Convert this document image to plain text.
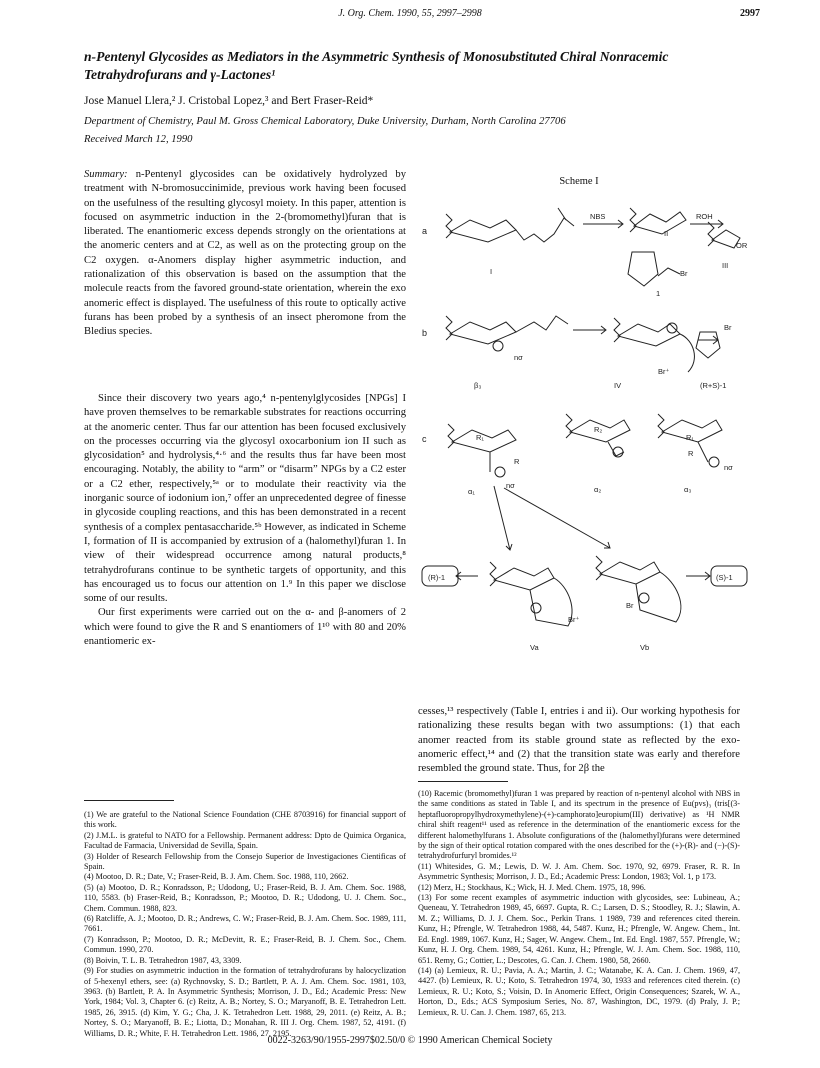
J. Org. Chem. 1990, 55, 2997–2998	2997
n-Pentenyl Glycosides as Mediators in the Asymmetric Synthesis of Monosubstituted Chiral Nonracemic Tetrahydrofurans and γ-Lactones¹
Jose Manuel Llera,² J. Cristobal Lopez,³ and Bert Fraser-Reid*
Department of Chemistry, Paul M. Gross Chemical Laboratory, Duke University, Durham, North Carolina 27706
Received March 12, 1990

Summary: n-Pentenyl glycosides can be oxidatively hydrolyzed by treatment with N-bromosuccinimide, previous work having been focused on the usefulness of the resulting glycosyl moiety. In this paper, attention is focused on asymmetric induction in the 2-(bromomethyl)furan that is liberated. The enantiomeric excess depends strongly on the orientations at the anomeric centers and at C2, as well as on the protecting group on the C2 oxygen. α-Anomers display higher asymmetric induction, and rationalization of this observation is based on the assumption that the molecule reacts from the favored ground-state orientation, wherein the exo anomeric effect is displayed. The usefulness of this route to optically active furans has been probed by a synthesis of an insect pheromone from the Bledius species.

Since their discovery two years ago,⁴ n-pentenylglycosides [NPGs] I have proven themselves to be remarkable substrates for reactions occurring at the anomeric center. Thus far our attention has been focused exclusively on the processes occurring via the glycosyl oxocarbonium ion II such as glycosidation⁵ and hydrolysis,⁴·⁶ and the results thus far have been most encouraging. Notably, the ability to “arm” or “disarm” NPGs by a C2 ester or a C2 ether, respectively,⁵ᵃ or to modulate their reactivity via the inorganic source of iodonium ion,⁷ offer an unprecedented degree of finesse in glycoside coupling reactions, and this has been demonstrated in a recent synthesis of a complex pentasaccharide.⁵ᵇ However, as indicated in Scheme I, formation of II is accompanied by extrusion of a (halomethyl)furan 1. In view of their widespread occurrence among natural products,⁸ tetrahydrofurans continue to be synthetic targets of opportunity, and this has encouraged us to focus our attention on 1.⁹ In this paper we disclose some of our results.

Our first experiments were carried out on the α- and β-anomers of 2 which were found to give the R and S enantiomers of 1¹⁰ with 80 and 20% enantiomeric ex-

(1) We are grateful to the National Science Foundation (CHE 8703916) for financial support of this work.

(2) J.M.L. is grateful to NATO for a Fellowship. Permanent address: Dpto de Quimica Organica, Facultad de Farmacia, Universidad de Sevilla, Spain.

(3) Holder of Research Fellowship from the Consejo Superior de Investigaciones Cientificas of Spain.

(4) Mootoo, D. R.; Date, V.; Fraser-Reid, B. J. Am. Chem. Soc. 1988, 110, 2662.

(5) (a) Mootoo, D. R.; Konradsson, P.; Udodong, U.; Fraser-Reid, B. J. Am. Chem. Soc. 1988, 110, 5583. (b) Fraser-Reid, B.; Konradsson, P.; Mootoo, D. R.; Udodong, U. J. Chem. Soc., Chem. Commun. 1988, 823.

(6) Ratcliffe, A. J.; Mootoo, D. R.; Andrews, C. W.; Fraser-Reid, B. J. Am. Chem. Soc. 1989, 111, 7661.

(7) Konradsson, P.; Mootoo, D. R.; McDevitt, R. E.; Fraser-Reid, B. J. Chem. Soc., Chem. Commun. 1990, 270.

(8) Boivin, T. L. B. Tetrahedron 1987, 43, 3309.

(9) For studies on asymmetric induction in the formation of tetrahydrofurans by halocyclization of 5-hexenyl ethers, see: (a) Rychnovsky, S. D.; Bartlett, P. A. J. Am. Chem. Soc. 1981, 103, 3963. (b) Bartlett, P. A. In Asymmetric Synthesis; Morrison, J. D., Ed.; Academic Press: New York, 1984; Vol. 3, Chapter 6. (c) Reitz, A. B.; Nortey, S. O.; Maryanoff, B. E. Tetrahedron Lett. 1985, 26, 3915. (d) Kim, Y. G.; Cha, J. K. Tetrahedron Lett. 1988, 29, 2011. (e) Reitz, A. B.; Nortey, S. O.; Maryanoff, B. E.; Liotta, D.; Monahan, R. III J. Org. Chem. 1987, 52, 4191. (f) Williams, D. R.; White, F. H. Tetrahedron Lett. 1986, 27, 2195.

Scheme I
a
b
c
NBS	ROH
I
II
III
1
Br
OR
nσ
β₃
Br⁺
IV
Br
(R+S)-1
R₁
R
nσ
α₁
R₂
α₂
R₁
R
nσ
α₃
(R)-1	(S)-1
Br⁺
Br
Va	Vb

cesses,¹³ respectively (Table I, entries i and ii). Our working hypothesis for rationalizing these results began with two assumptions: (1) that each anomer reacted from its stable ground state as reflected by the exo-anomeric effect,¹⁴ and (2) that the transition state was early and therefore resembled the ground state. Thus, for 2β the

(10) Racemic (bromomethyl)furan 1 was prepared by reaction of n-pentenyl alcohol with NBS in the same conditions as stated in Table I, and its spectrum in the presence of Eu(pvs)₃ (tris[(3-heptafluoropropylhydroxymethylene)-(+)-camphorato]europium(III) derivative) as ¹H NMR chiral shift reagent¹¹ used as reference in the determination of the enantiomeric excess for the different halomethylfurans 1. Absolute configurations of the (halomethyl)furans were determined by the sign of their optical rotation compared with the ones described for the (+)-(R)- and (−)-(S)-tetrahydrofurfuryl bromides.¹²

(11) Whitesides, G. M.; Lewis, D. W. J. Am. Chem. Soc. 1970, 92, 6979. Fraser, R. R. In Asymmetric Synthesis; Morrison, J. D., Ed.; Academic Press: London, 1983; Vol. 1, p 173.

(12) Merz, H.; Stockhaus, K.; Wick, H. J. Med. Chem. 1975, 18, 996.

(13) For some recent examples of asymmetric induction with glycosides, see: Lubineau, A.; Queneau, Y. Tetrahedron 1989, 45, 6697. Gupta, R. C.; Larsen, D. S.; Stoodley, R. J.; Slawin, A. M. Z.; Williams, D. J. J. Chem. Soc., Perkin Trans. 1 1989, 739 and references cited therein. Kunz, H.; Pfrengle, W. Tetrahedron 1988, 44, 5487. Kunz, H.; Pfrengle, W. Angew. Chem., Int. Ed. Engl. 1989, 1067. Kunz, H.; Sager, W. Angew. Chem., Int. Ed. Engl. 1987, 557. Pfrengle, W.; Kunz, H. J. Org. Chem. 1989, 54, 4261. Kunz, H.; Pfrengle, W. J. Am. Chem. Soc. 1988, 110, 651. Remy, G.; Cottier, L.; Descotes, G. Can. J. Chem. 1980, 58, 2660.

(14) (a) Lemieux, R. U.; Pavia, A. A.; Martin, J. C.; Watanabe, K. A. Can. J. Chem. 1969, 47, 4427. (b) Lemieux, R. U.; Koto, S. Tetrahedron 1974, 30, 1933 and references cited therein. (c) Lemieux, R. U.; Koto, S.; Voisin, D. In Anomeric Effect, Origin Consequences; Szarek, W. A., Horton, D., Eds.; ACS Symposium Series, No. 87, Washington, DC, 1979. (d) Praly, J. P.; Lemieux, R. U. Can. J. Chem. 1987, 65, 213.

0022-3263/90/1955-2997$02.50/0 © 1990 American Chemical Society
